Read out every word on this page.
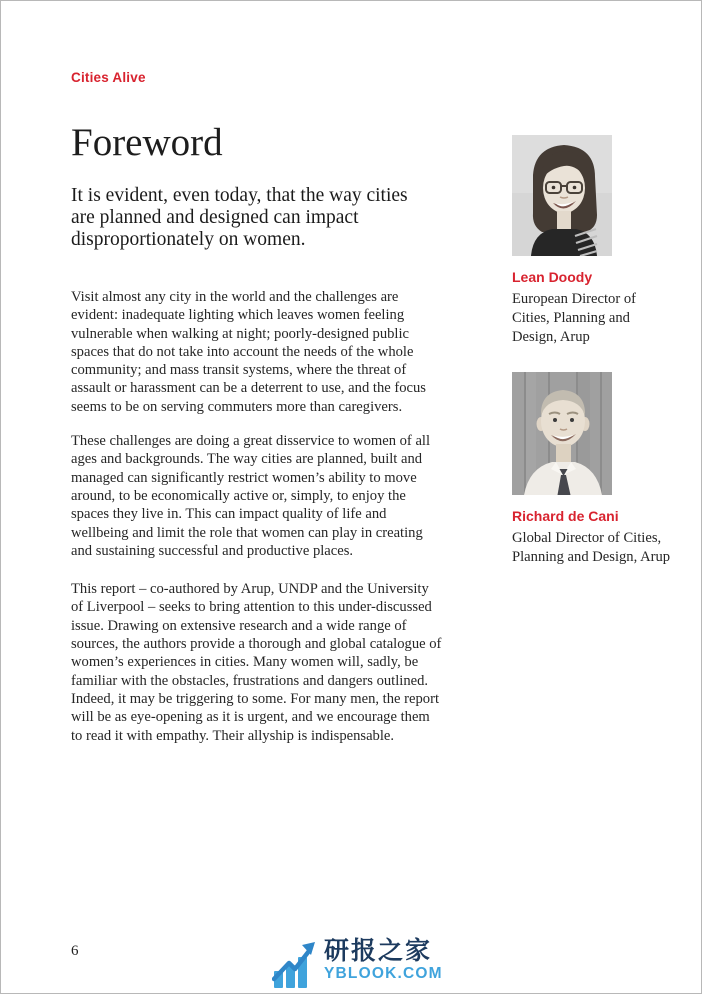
Cities Alive
Foreword

It is evident, even today, that the way cities are planned and designed can impact disproportionately on women.

Visit almost any city in the world and the challenges are evident: inadequate lighting which leaves women feeling vulnerable when walking at night; poorly-designed public spaces that do not take into account the needs of the whole community; and mass transit systems, where the threat of assault or harassment can be a deterrent to use, and the focus seems to be on serving commuters more than caregivers.

These challenges are doing a great disservice to women of all ages and backgrounds. The way cities are planned, built and managed can significantly restrict women’s ability to move around, to be economically active or, simply, to enjoy the spaces they live in. This can impact quality of life and wellbeing and limit the role that women can play in creating and sustaining successful and productive places.

This report – co-authored by Arup, UNDP and the University of Liverpool – seeks to bring attention to this under-discussed issue. Drawing on extensive research and a wide range of sources, the authors provide a thorough and global catalogue of women’s experiences in cities. Many women will, sadly, be familiar with the obstacles, frustrations and dangers outlined. Indeed, it may be triggering to some. For many men, the report will be as eye-opening as it is urgent, and we encourage them to read it with empathy. Their allyship is indispensable.

Lean Doody
European Director of Cities, Planning and Design, Arup
Richard de Cani
Global Director of Cities, Planning and Design, Arup
6	研报之家
YBLOOK.COM
